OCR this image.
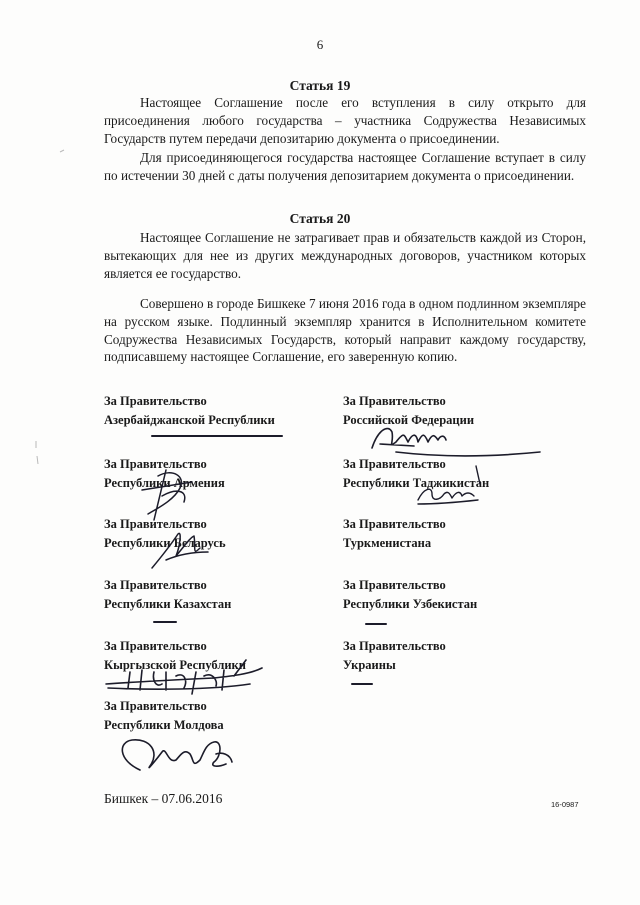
6
Статья 19

Настоящее Соглашение после его вступления в силу открыто для присоединения любого государства – участника Содружества Независимых Государств путем передачи депозитарию документа о присоединении.

Для присоединяющегося государства настоящее Соглашение вступает в силу по истечении 30 дней с даты получения депозитарием документа о присоединении.

Статья 20

Настоящее Соглашение не затрагивает прав и обязательств каждой из Сторон, вытекающих для нее из других международных договоров, участником которых является ее государство.

Совершено в городе Бишкеке 7 июня 2016 года в одном подлинном экземпляре на русском языке. Подлинный экземпляр хранится в Исполнительном комитете Содружества Независимых Государств, который направит каждому государству, подписавшему настоящее Соглашение, его заверенную копию.

За Правительство
Азербайджанской Республики
За Правительство
Республики Армения
За Правительство
Республики Беларусь
За Правительство
Республики Казахстан
За Правительство
Кыргызской Республики
За Правительство
Республики Молдова
За Правительство
Российской Федерации
За Правительство
Республики Таджикистан
За Правительство
Туркменистана
За Правительство
Республики Узбекистан
За Правительство
Украины
Бишкек – 07.06.2016	16-0987
